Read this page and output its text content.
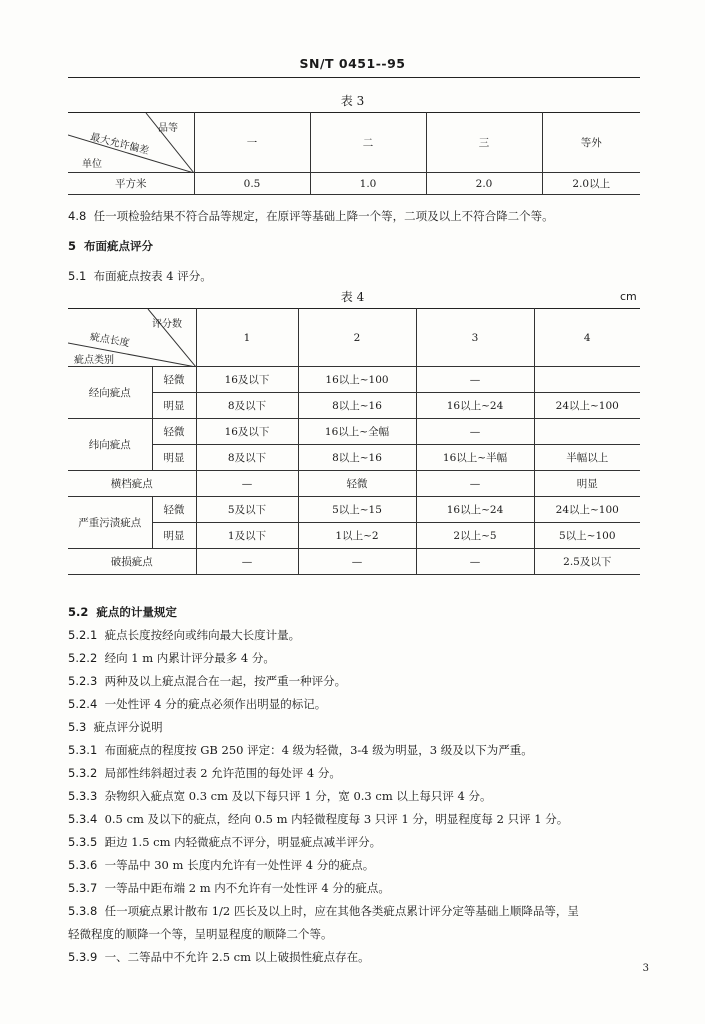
SN/T 0451--95
表 3
品等
最大允许偏差
单位	一	二	三	等外
平方米	0.5	1.0	2.0	2.0以上
4.8 任一项检验结果不符合品等规定，在原评等基础上降一个等，二项及以上不符合降二个等。
5 布面疵点评分
5.1 布面疵点按表 4 评分。
表 4	cm
评分数
疵点长度
疵点类别		1	2	3	4
经向疵点	轻微	16及以下	16以上~100	—	
	明显	8及以下	8以上~16	16以上~24	24以上~100
纬向疵点	轻微	16及以下	16以上~全幅	—	
	明显	8及以下	8以上~16	16以上~半幅	半幅以上
横档疵点		—	轻微	—	明显
严重污渍疵点	轻微	5及以下	5以上~15	16以上~24	24以上~100
	明显	1及以下	1以上~2	2以上~5	5以上~100
破损疵点		—	—	—	2.5及以下
5.2 疵点的计量规定
5.2.1 疵点长度按经向或纬向最大长度计量。
5.2.2 经向 1 m 内累计评分最多 4 分。
5.2.3 两种及以上疵点混合在一起，按严重一种评分。
5.2.4 一处性评 4 分的疵点必须作出明显的标记。
5.3 疵点评分说明
5.3.1 布面疵点的程度按 GB 250 评定：4 级为轻微，3-4 级为明显，3 级及以下为严重。
5.3.2 局部性纬斜超过表 2 允许范围的每处评 4 分。
5.3.3 杂物织入疵点宽 0.3 cm 及以下每只评 1 分，宽 0.3 cm 以上每只评 4 分。
5.3.4 0.5 cm 及以下的疵点，经向 0.5 m 内轻微程度每 3 只评 1 分，明显程度每 2 只评 1 分。
5.3.5 距边 1.5 cm 内轻微疵点不评分，明显疵点减半评分。
5.3.6 一等品中 30 m 长度内允许有一处性评 4 分的疵点。
5.3.7 一等品中距布端 2 m 内不允许有一处性评 4 分的疵点。
5.3.8 任一项疵点累计散布 1/2 匹长及以上时，应在其他各类疵点累计评分定等基础上顺降品等，呈
轻微程度的顺降一个等，呈明显程度的顺降二个等。
5.3.9 一、二等品中不允许 2.5 cm 以上破损性疵点存在。
3
